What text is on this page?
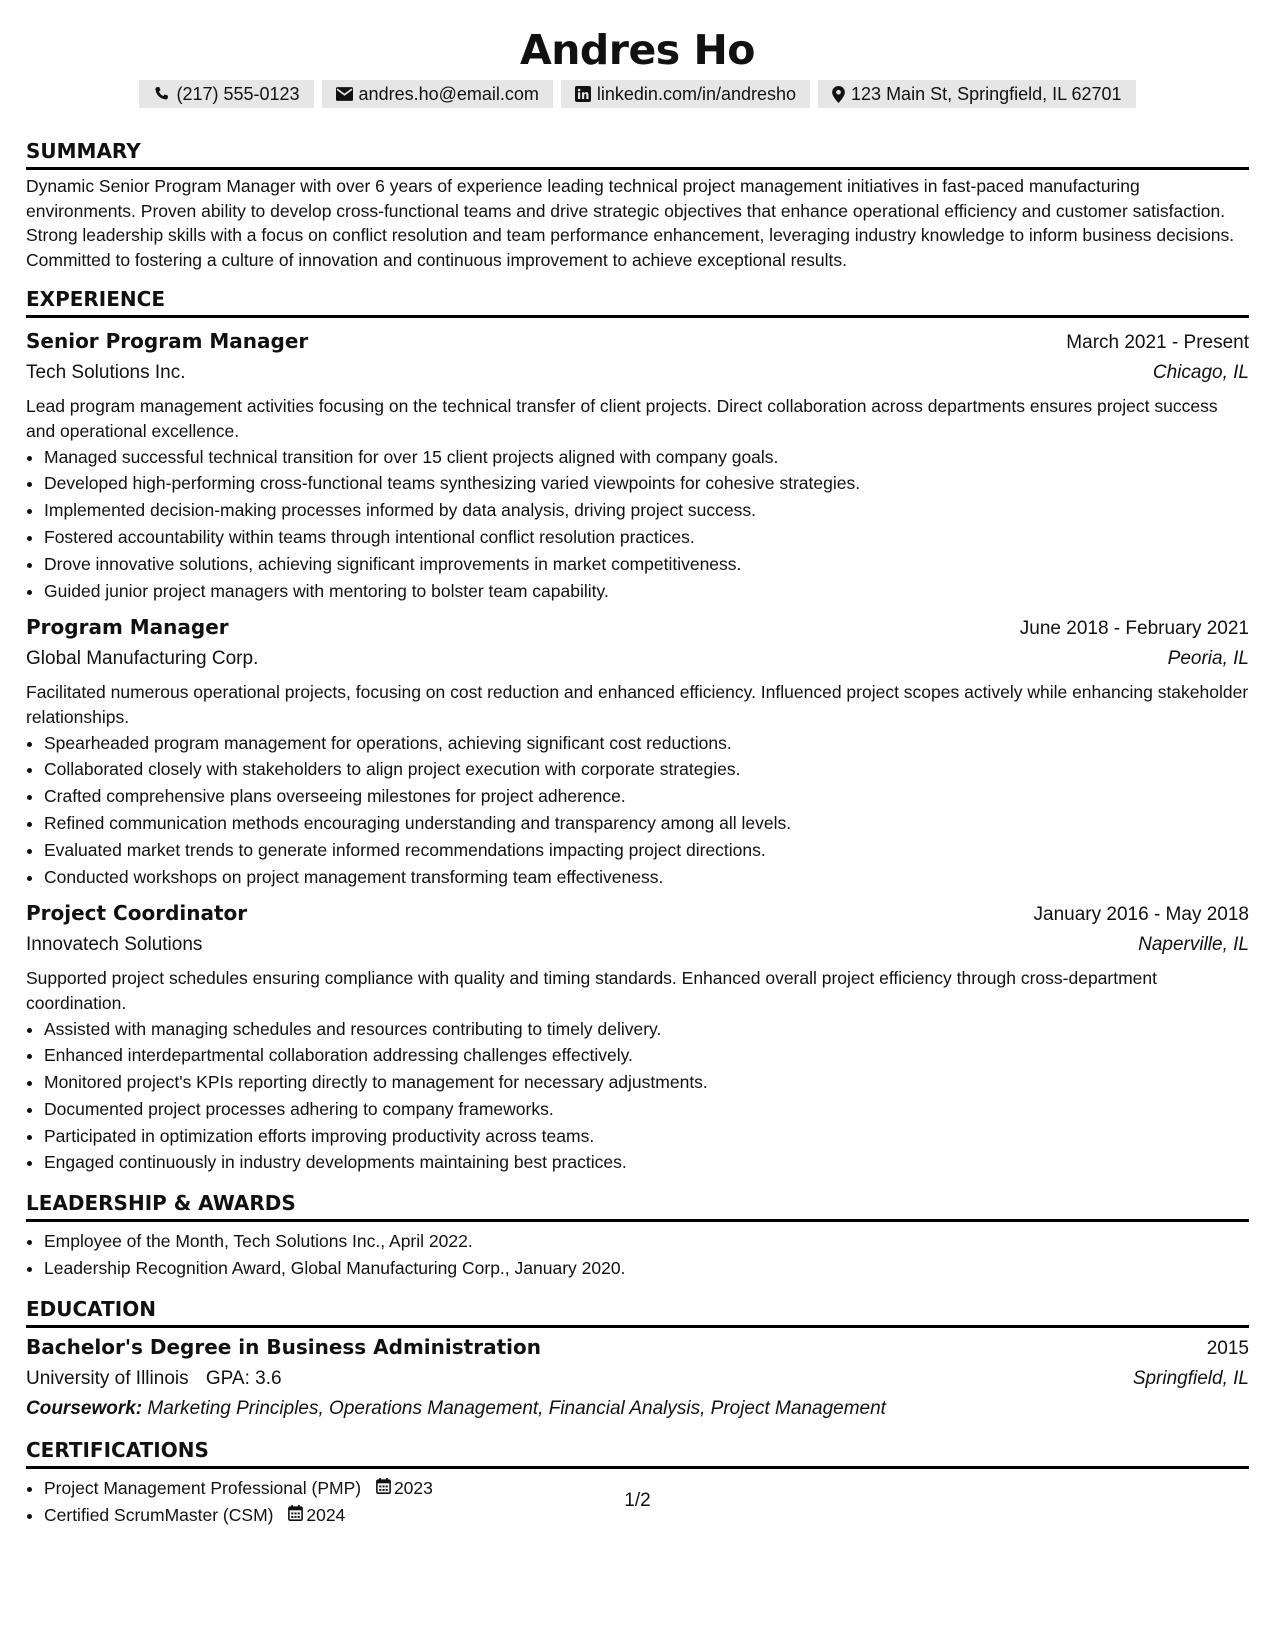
Andres Ho
(217) 555-0123	andres.ho@email.com	linkedin.com/in/andresho	123 Main St, Springfield, IL 62701
SUMMARY

Dynamic Senior Program Manager with over 6 years of experience leading technical project management initiatives in fast-paced manufacturing environments. Proven ability to develop cross-functional teams and drive strategic objectives that enhance operational efficiency and customer satisfaction. Strong leadership skills with a focus on conflict resolution and team performance enhancement, leveraging industry knowledge to inform business decisions. Committed to fostering a culture of innovation and continuous improvement to achieve exceptional results.

EXPERIENCE
Senior Program Manager	March 2021 - Present
Tech Solutions Inc.	Chicago, IL

Lead program management activities focusing on the technical transfer of client projects. Direct collaboration across departments ensures project success and operational excellence.

• Managed successful technical transition for over 15 client projects aligned with company goals.
• Developed high-performing cross-functional teams synthesizing varied viewpoints for cohesive strategies.
• Implemented decision-making processes informed by data analysis, driving project success.
• Fostered accountability within teams through intentional conflict resolution practices.
• Drove innovative solutions, achieving significant improvements in market competitiveness.
• Guided junior project managers with mentoring to bolster team capability.
Program Manager	June 2018 - February 2021
Global Manufacturing Corp.	Peoria, IL

Facilitated numerous operational projects, focusing on cost reduction and enhanced efficiency. Influenced project scopes actively while enhancing stakeholder relationships.

• Spearheaded program management for operations, achieving significant cost reductions.
• Collaborated closely with stakeholders to align project execution with corporate strategies.
• Crafted comprehensive plans overseeing milestones for project adherence.
• Refined communication methods encouraging understanding and transparency among all levels.
• Evaluated market trends to generate informed recommendations impacting project directions.
• Conducted workshops on project management transforming team effectiveness.
Project Coordinator	January 2016 - May 2018
Innovatech Solutions	Naperville, IL

Supported project schedules ensuring compliance with quality and timing standards. Enhanced overall project efficiency through cross-department coordination.

• Assisted with managing schedules and resources contributing to timely delivery.
• Enhanced interdepartmental collaboration addressing challenges effectively.
• Monitored project's KPIs reporting directly to management for necessary adjustments.
• Documented project processes adhering to company frameworks.
• Participated in optimization efforts improving productivity across teams.
• Engaged continuously in industry developments maintaining best practices.
LEADERSHIP & AWARDS
• Employee of the Month, Tech Solutions Inc., April 2022.
• Leadership Recognition Award, Global Manufacturing Corp., January 2020.
EDUCATION
Bachelor's Degree in Business Administration	2015
University of Illinois GPA: 3.6	Springfield, IL
Coursework: Marketing Principles, Operations Management, Financial Analysis, Project Management
CERTIFICATIONS
• Project Management Professional (PMP) 2023
• Certified ScrumMaster (CSM) 2024
1/2
